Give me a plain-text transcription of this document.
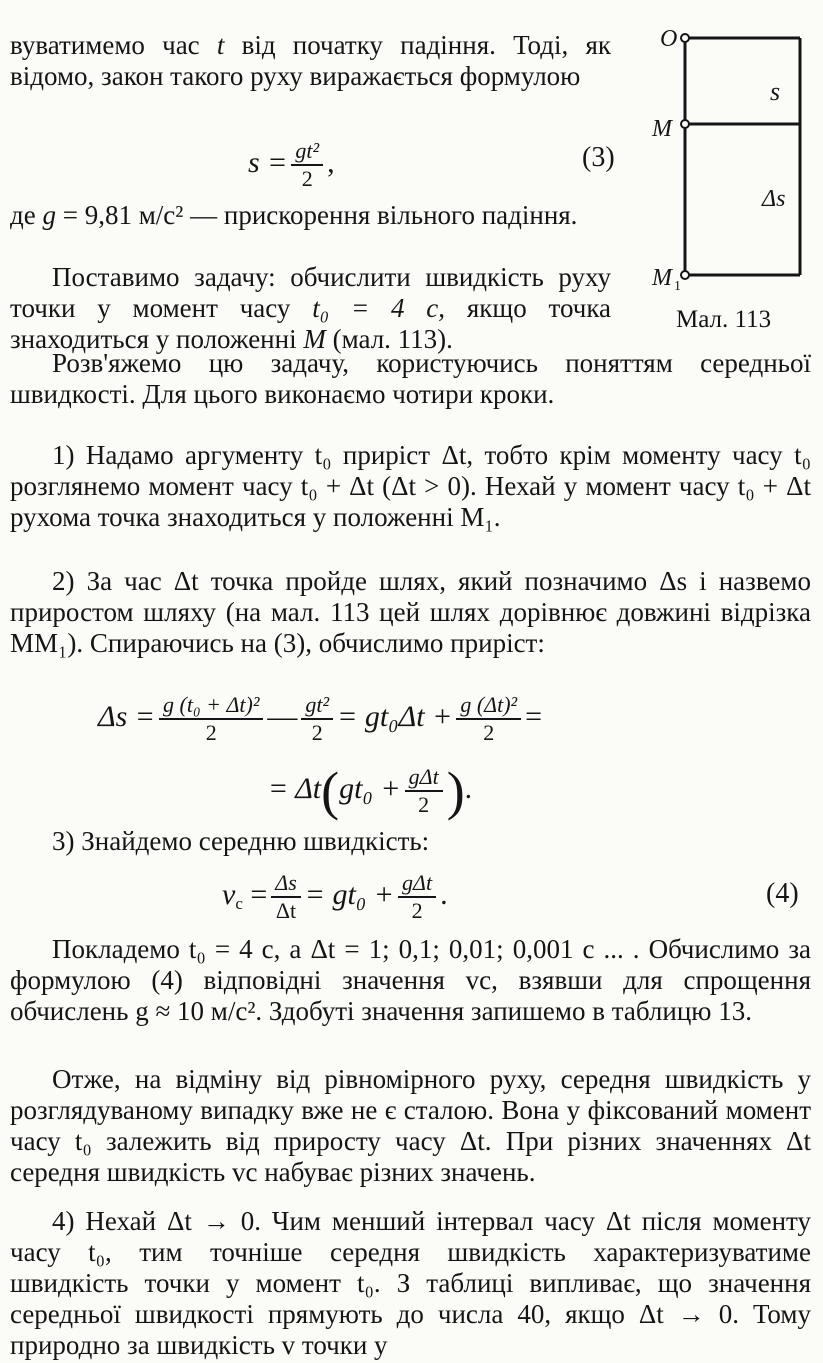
O
M
M 1
s
Δs
Мал. 113
вуватимемо час t від початку падіння. Тоді, як відомо, закон такого руху виражається формулою
$s = \frac{\text{gt²}}{2}$ ,	(3)
де g = 9,81 м/с² — прискорення вільного падіння.
Поставимо задачу: обчислити швидкість руху точки у момент часу t₀ = 4 с, якщо точка знаходиться у положенні M (мал. 113).
Розв'яжемо цю задачу, користуючись поняттям середньої швидкості. Для цього виконаємо чотири кроки.
1) Надамо аргументу t₀ приріст Δt, тобто крім моменту часу t₀ розглянемо момент часу t₀ + Δt (Δt > 0). Нехай у момент часу t₀ + Δt рухома точка знаходиться у положенні M₁.
2) За час Δt точка пройде шлях, який позначимо Δs і назвемо приростом шляху (на мал. 113 цей шлях дорівнює довжині відрізка MM₁). Спираючись на (3), обчислимо приріст:
$\Delta s = \frac{\text{g (t₀ + Δt)²}}{2}$ — $\frac{\text{gt²}}{2} = gt_0\Delta t + \frac{\text{g (Δt)²}}{2}$ =
= $\Delta t(gt_0 + \frac{\text{gΔt}}{2}$ ).
3) Знайдемо середню швидкість:
$v_c = \frac{\Delta s}{\Delta t} = gt_0 + \frac{\text{gΔt}}{2}$ .	(4)
Покладемо t₀ = 4 с, а Δt = 1; 0,1; 0,01; 0,001 с ... . Обчислимо за формулою (4) відповідні значення vc, взявши для спрощення обчислень g ≈ 10 м/с². Здобуті значення запишемо в таблицю 13.
Отже, на відміну від рівномірного руху, середня швидкість у розглядуваному випадку вже не є сталою. Вона у фіксований момент часу t₀ залежить від приросту часу Δt. При різних значеннях Δt середня швидкість vc набуває різних значень.
4) Нехай Δt → 0. Чим менший інтервал часу Δt після моменту часу t₀, тим точніше середня швидкість характеризуватиме швидкість точки у момент t₀. З таблиці випливає, що значення середньої швидкості прямують до числа 40, якщо Δt → 0. Тому природно за швидкість v точки у
